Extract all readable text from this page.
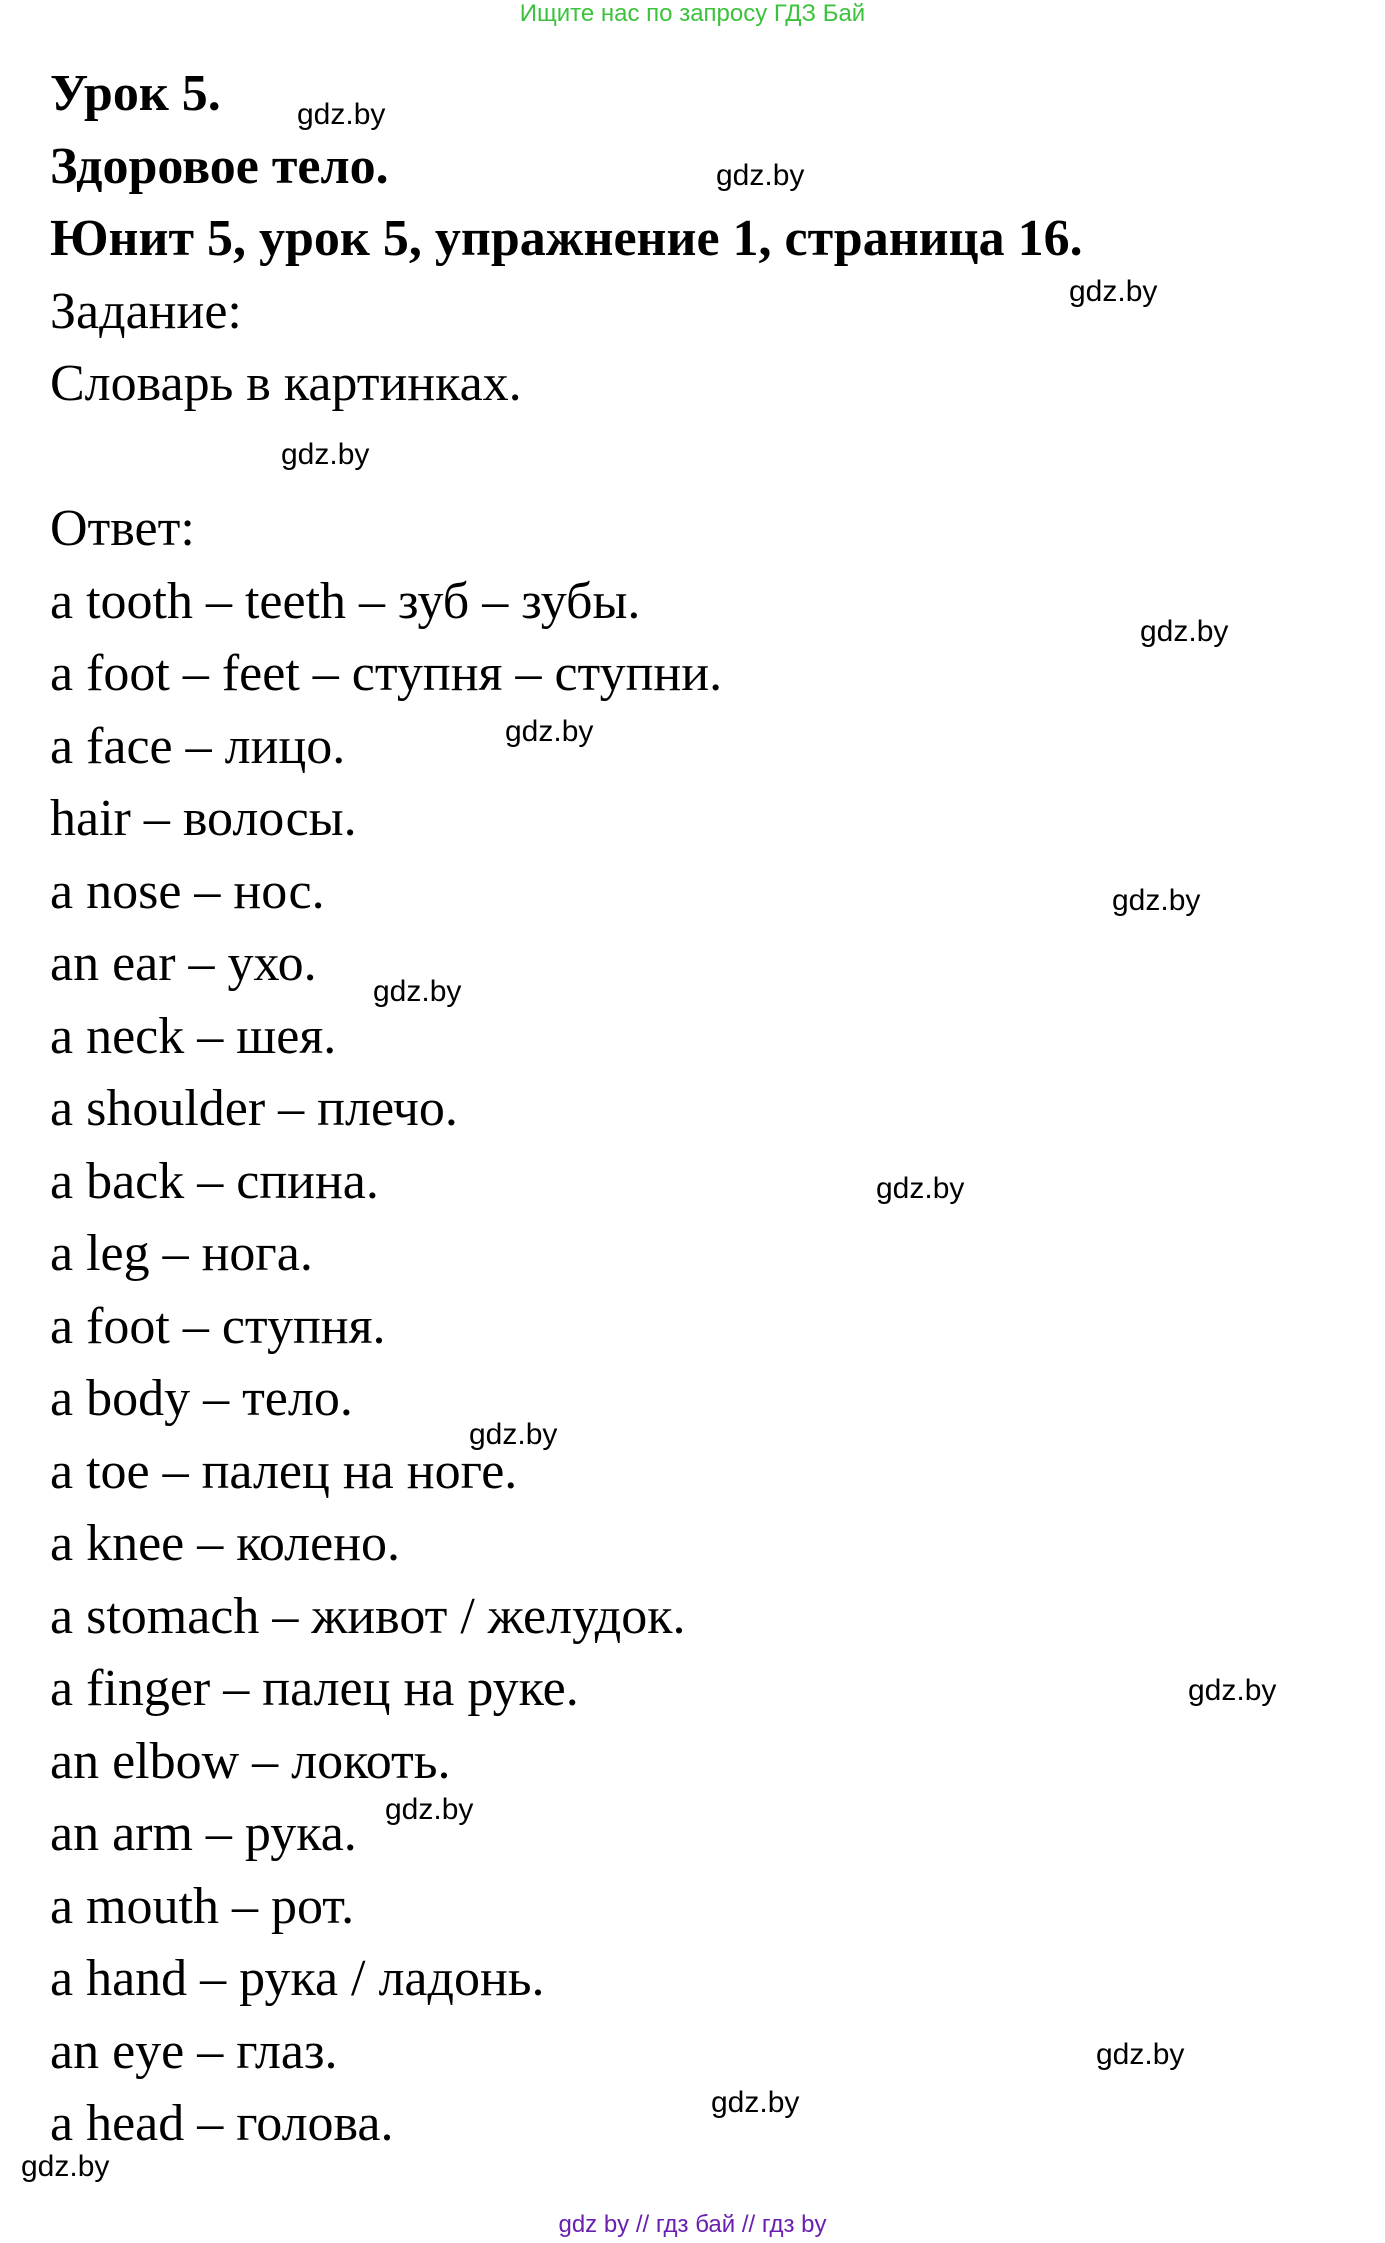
Ищите нас по запросу ГДЗ Бай
Урок 5.
Здоровое тело.
Юнит 5, урок 5, упражнение 1, страница 16.
Задание:
Словарь в картинках.
Ответ:
a tooth – teeth – зуб – зубы.
a foot – feet – ступня – ступни.
a face – лицо.
hair – волосы.
a nose – нос.
an ear – ухо.
a neck – шея.
a shoulder – плечо.
a back – спина.
a leg – нога.
a foot – ступня.
a body – тело.
a toe – палец на ноге.
a knee – колено.
a stomach – живот / желудок.
a finger – палец на руке.
an elbow – локоть.
an arm – рука.
a mouth – рот.
a hand – рука / ладонь.
an eye – глаз.
a head – голова.
gdz.by
gdz.by
gdz.by
gdz.by
gdz.by
gdz.by
gdz.by
gdz.by
gdz.by
gdz.by
gdz.by
gdz.by
gdz.by
gdz.by
gdz.by
gdz by // гдз бай // гдз by
